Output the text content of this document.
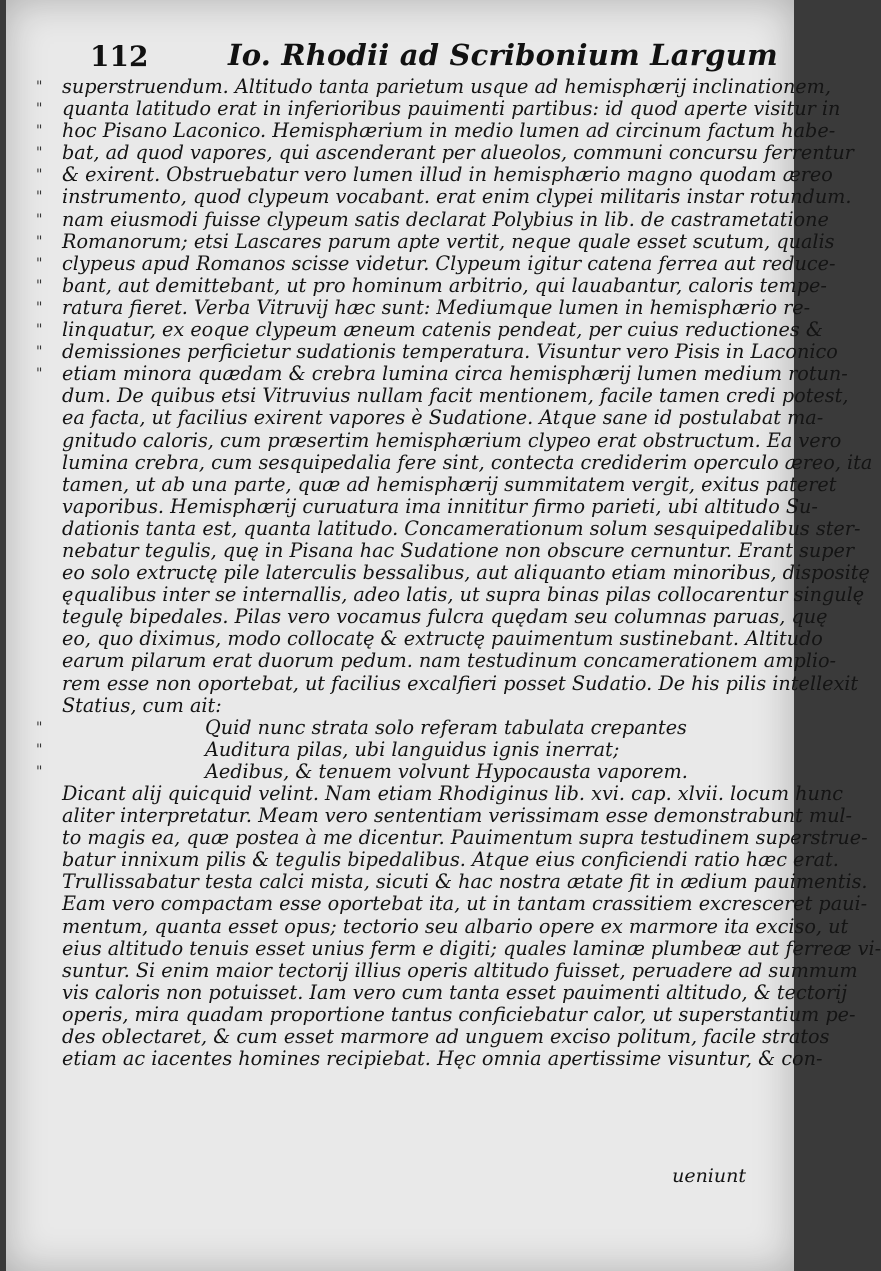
112	Io. Rhodii ad Scribonium Largum
"
"
"
"
"
"
"
"
"
"
"
"
"
"
"
"
"
superstruendum. Altitudo tanta parietum usque ad hemisphærij inclinationem,
quanta latitudo erat in inferioribus pauimenti partibus: id quod aperte visitur in
hoc Pisano Laconico. Hemisphærium in medio lumen ad circinum factum habe-
bat, ad quod vapores, qui ascenderant per alueolos, communi concursu ferrentur
& exirent. Obstruebatur vero lumen illud in hemisphærio magno quodam æreo
instrumento, quod clypeum vocabant. erat enim clypei militaris instar rotundum.
nam eiusmodi fuisse clypeum satis declarat Polybius in lib. de castrametatione
Romanorum; etsi Lascares parum apte vertit, neque quale esset scutum, qualis
clypeus apud Romanos scisse videtur. Clypeum igitur catena ferrea aut reduce-
bant, aut demittebant, ut pro hominum arbitrio, qui lauabantur, caloris tempe-
ratura fieret. Verba Vitruvij hæc sunt: Mediumque lumen in hemisphærio re-
linquatur, ex eoque clypeum æneum catenis pendeat, per cuius reductiones &
demissiones perficietur sudationis temperatura. Visuntur vero Pisis in Laconico
etiam minora quædam & crebra lumina circa hemisphærij lumen medium rotun-
dum. De quibus etsi Vitruvius nullam facit mentionem, facile tamen credi potest,
ea facta, ut facilius exirent vapores è Sudatione. Atque sane id postulabat ma-
gnitudo caloris, cum præsertim hemisphærium clypeo erat obstructum. Ea vero
lumina crebra, cum sesquipedalia fere sint, contecta crediderim operculo æreo, ita
tamen, ut ab una parte, quæ ad hemisphærij summitatem vergit, exitus pateret
vaporibus. Hemisphærij curuatura ima innititur firmo parieti, ubi altitudo Su-
dationis tanta est, quanta latitudo. Concamerationum solum sesquipedalibus ster-
nebatur tegulis, quę in Pisana hac Sudatione non obscure cernuntur. Erant super
eo solo extructę pile laterculis bessalibus, aut aliquanto etiam minoribus, dispositę
ęqualibus inter se internallis, adeo latis, ut supra binas pilas collocarentur singulę
tegulę bipedales. Pilas vero vocamus fulcra quędam seu columnas paruas, quę
eo, quo diximus, modo collocatę & extructę pauimentum sustinebant. Altitudo
earum pilarum erat duorum pedum. nam testudinum concamerationem amplio-
rem esse non oportebat, ut facilius excalfieri posset Sudatio. De his pilis intellexit
Statius, cum ait:
Quid nunc strata solo referam tabulata crepantes
Auditura pilas, ubi languidus ignis inerrat;
Aedibus, & tenuem volvunt Hypocausta vaporem.
Dicant alij quicquid velint. Nam etiam Rhodiginus lib. xvi. cap. xlvii. locum hunc
aliter interpretatur. Meam vero sententiam verissimam esse demonstrabunt mul-
to magis ea, quæ postea à me dicentur. Pauimentum supra testudinem superstrue-
batur innixum pilis & tegulis bipedalibus. Atque eius conficiendi ratio hæc erat.
Trullissabatur testa calci mista, sicuti & hac nostra ætate fit in ædium pauimentis.
Eam vero compactam esse oportebat ita, ut in tantam crassitiem excresceret paui-
mentum, quanta esset opus; tectorio seu albario opere ex marmore ita exciso, ut
eius altitudo tenuis esset unius ferm e digiti; quales laminæ plumbeæ aut ferreæ vi-
suntur. Si enim maior tectorij illius operis altitudo fuisset, peruadere ad summum
vis caloris non potuisset. Iam vero cum tanta esset pauimenti altitudo, & tectorij
operis, mira quadam proportione tantus conficiebatur calor, ut superstantium pe-
des oblectaret, & cum esset marmore ad unguem exciso politum, facile stratos
etiam ac iacentes homines recipiebat. Hęc omnia apertissime visuntur, & con-
ueniunt
